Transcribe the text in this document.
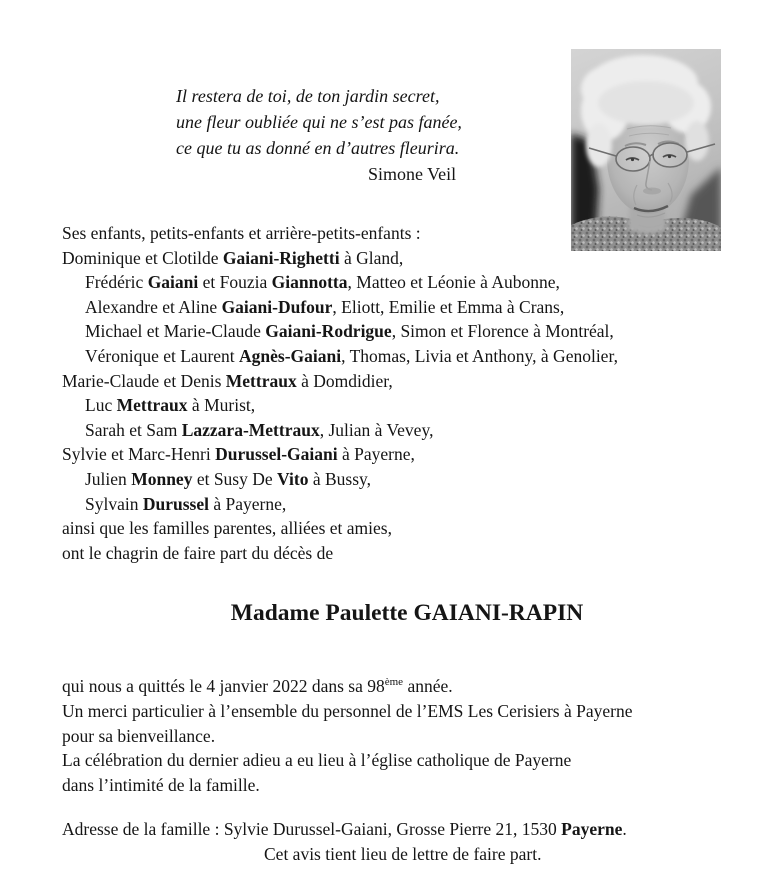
Il restera de toi, de ton jardin secret,
une fleur oubliée qui ne s’est pas fanée,
ce que tu as donné en d’autres fleurira.
Simone Veil
Ses enfants, petits-enfants et arrière-petits-enfants :
Dominique et Clotilde Gaiani-Righetti à Gland,
Frédéric Gaiani et Fouzia Giannotta, Matteo et Léonie à Aubonne,
Alexandre et Aline Gaiani-Dufour, Eliott, Emilie et Emma à Crans,
Michael et Marie-Claude Gaiani-Rodrigue, Simon et Florence à Montréal,
Véronique et Laurent Agnès-Gaiani, Thomas, Livia et Anthony, à Genolier,
Marie-Claude et Denis Mettraux à Domdidier,
Luc Mettraux à Murist,
Sarah et Sam Lazzara-Mettraux, Julian à Vevey,
Sylvie et Marc-Henri Durussel-Gaiani à Payerne,
Julien Monney et Susy De Vito à Bussy,
Sylvain Durussel à Payerne,
ainsi que les familles parentes, alliées et amies,
ont le chagrin de faire part du décès de
Madame Paulette GAIANI-RAPIN
qui nous a quittés le 4 janvier 2022 dans sa 98ème année.
Un merci particulier à l’ensemble du personnel de l’EMS Les Cerisiers à Payerne
pour sa bienveillance.
La célébration du dernier adieu a eu lieu à l’église catholique de Payerne
dans l’intimité de la famille.
Adresse de la famille : Sylvie Durussel-Gaiani, Grosse Pierre 21, 1530 Payerne.
Cet avis tient lieu de lettre de faire part.
